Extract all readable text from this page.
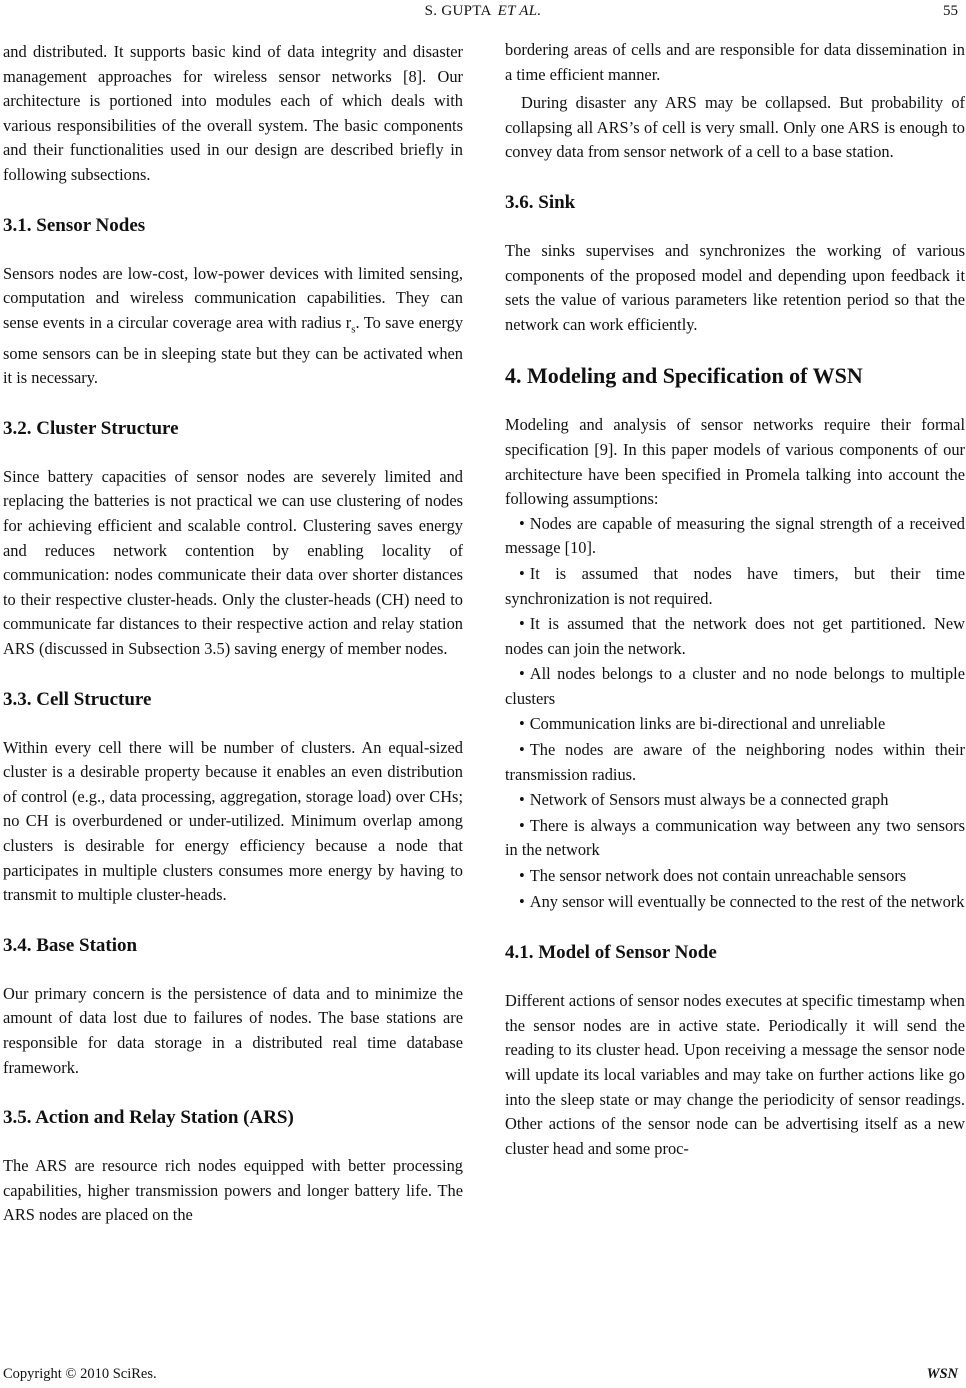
S. GUPTA ET AL.	55

and distributed. It supports basic kind of data integrity and disaster management approaches for wireless sensor networks [8]. Our architecture is portioned into modules each of which deals with various responsibilities of the overall system. The basic components and their functionalities used in our design are described briefly in following subsections.

3.1. Sensor Nodes

Sensors nodes are low-cost, low-power devices with limited sensing, computation and wireless communication capabilities. They can sense events in a circular coverage area with radius $r_s$. To save energy some sensors can be in sleeping state but they can be activated when it is necessary.

3.2. Cluster Structure

Since battery capacities of sensor nodes are severely limited and replacing the batteries is not practical we can use clustering of nodes for achieving efficient and scalable control. Clustering saves energy and reduces network contention by enabling locality of communication: nodes communicate their data over shorter distances to their respective cluster-heads. Only the cluster-heads (CH) need to communicate far distances to their respective action and relay station ARS (discussed in Subsection 3.5) saving energy of member nodes.

3.3. Cell Structure

Within every cell there will be number of clusters. An equal-sized cluster is a desirable property because it enables an even distribution of control (e.g., data processing, aggregation, storage load) over CHs; no CH is overburdened or under-utilized. Minimum overlap among clusters is desirable for energy efficiency because a node that participates in multiple clusters consumes more energy by having to transmit to multiple cluster-heads.

3.4. Base Station

Our primary concern is the persistence of data and to minimize the amount of data lost due to failures of nodes. The base stations are responsible for data storage in a distributed real time database framework.

3.5. Action and Relay Station (ARS)

The ARS are resource rich nodes equipped with better processing capabilities, higher transmission powers and longer battery life. The ARS nodes are placed on the

bordering areas of cells and are responsible for data dissemination in a time efficient manner.

During disaster any ARS may be collapsed. But probability of collapsing all ARS’s of cell is very small. Only one ARS is enough to convey data from sensor network of a cell to a base station.

3.6. Sink

The sinks supervises and synchronizes the working of various components of the proposed model and depending upon feedback it sets the value of various parameters like retention period so that the network can work efficiently.

4. Modeling and Specification of WSN

Modeling and analysis of sensor networks require their formal specification [9]. In this paper models of various components of our architecture have been specified in Promela talking into account the following assumptions:

• Nodes are capable of measuring the signal strength of a received message [10].

• It is assumed that nodes have timers, but their time synchronization is not required.

• It is assumed that the network does not get partitioned. New nodes can join the network.

• All nodes belongs to a cluster and no node belongs to multiple clusters

• Communication links are bi-directional and unreliable

• The nodes are aware of the neighboring nodes within their transmission radius.

• Network of Sensors must always be a connected graph

• There is always a communication way between any two sensors in the network

• The sensor network does not contain unreachable sensors

• Any sensor will eventually be connected to the rest of the network

4.1. Model of Sensor Node

Different actions of sensor nodes executes at specific timestamp when the sensor nodes are in active state. Periodically it will send the reading to its cluster head. Upon receiving a message the sensor node will update its local variables and may take on further actions like go into the sleep state or may change the periodicity of sensor readings. Other actions of the sensor node can be advertising itself as a new cluster head and some proc-

Copyright © 2010 SciRes.	WSN
